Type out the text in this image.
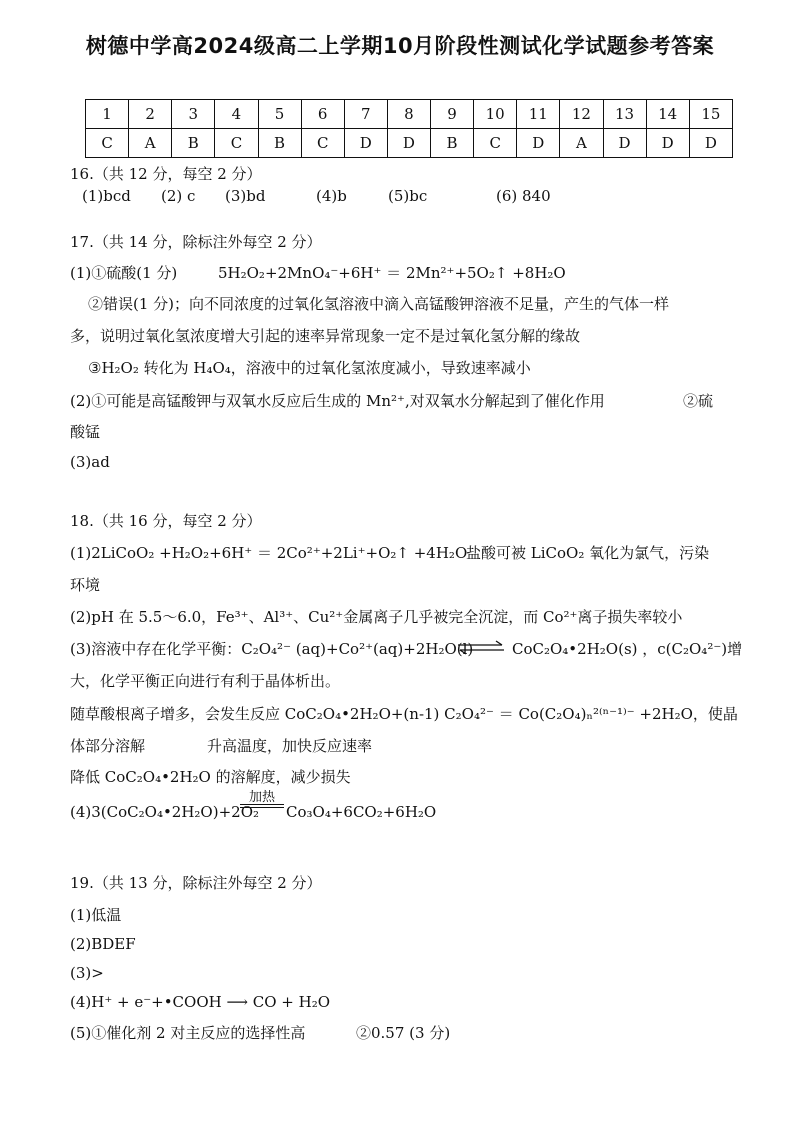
树德中学高2024级高二上学期10月阶段性测试化学试题参考答案
1	2	3	4	5	6	7	8	9	10	11	12	13	14	15
C	A	B	C	B	C	D	D	B	C	D	A	D	D	D
16.（共 12 分，每空 2 分）
(1)bcd (2) c (3)bd	(4)b	(5)bc	(6) 840
17.（共 14 分，除标注外每空 2 分）
(1)①硫酸(1 分)	5H₂O₂+2MnO₄⁻+6H⁺ ＝ 2Mn²⁺+5O₂↑ +8H₂O
②错误(1 分)；向不同浓度的过氧化氢溶液中滴入高锰酸钾溶液不足量，产生的气体一样
多，说明过氧化氢浓度增大引起的速率异常现象一定不是过氧化氢分解的缘故
③H₂O₂ 转化为 H₄O₄，溶液中的过氧化氢浓度减小，导致速率减小
(2)①可能是高锰酸钾与双氧水反应后生成的 Mn²⁺,对双氧水分解起到了催化作用	②硫
酸锰
(3)ad
18.（共 16 分，每空 2 分）
(1)2LiCoO₂ +H₂O₂+6H⁺ ＝ 2Co²⁺+2Li⁺+O₂↑ +4H₂O
盐酸可被 LiCoO₂ 氧化为氯气，污染
环境
(2)pH 在 5.5～6.0，Fe³⁺、Al³⁺、Cu²⁺金属离子几乎被完全沉淀，而 Co²⁺离子损失率较小
(3)溶液中存在化学平衡：C₂O₄²⁻ (aq)+Co²⁺(aq)+2H₂O(l) ⇌ CoC₂O₄•2H₂O(s) ，c(C₂O₄²⁻)增
大，化学平衡正向进行有利于晶体析出。
随草酸根离子增多，会发生反应 CoC₂O₄•2H₂O+(n-1) C₂O₄²⁻ ＝ Co(C₂O₄)ₙ²⁽ⁿ⁻¹⁾⁻ +2H₂O，使晶
体部分溶解	升高温度，加快反应速率
降低 CoC₂O₄•2H₂O 的溶解度，减少损失
(4)3(CoC₂O₄•2H₂O)+2O₂
加热
Co₃O₄+6CO₂+6H₂O
19.（共 13 分，除标注外每空 2 分）
(1)低温
(2)BDEF
(3)>
(4)H⁺ + e⁻+•COOH ⟶ CO + H₂O
(5)①催化剂 2 对主反应的选择性高	②0.57 (3 分)
